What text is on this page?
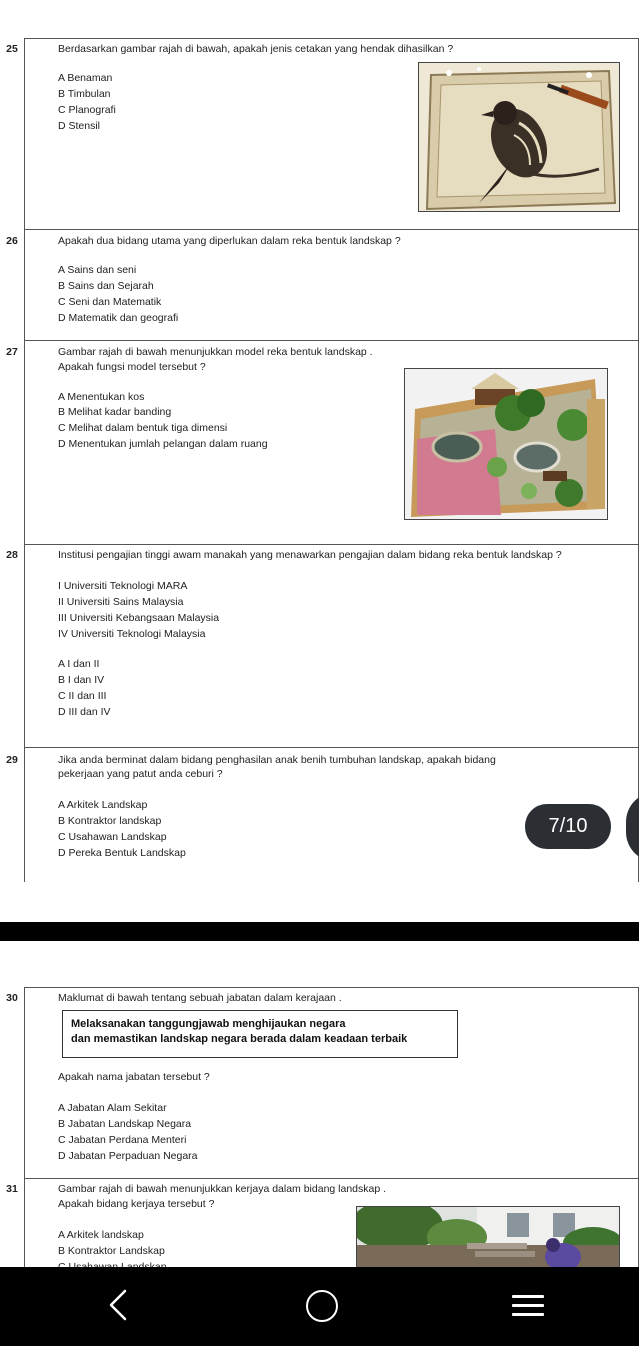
25	Berdasarkan gambar rajah di bawah, apakah jenis cetakan yang hendak dihasilkan ?
A Benaman
B Timbulan
C Planografi
D Stensil
26	Apakah dua bidang utama yang diperlukan dalam reka bentuk landskap ?
A Sains dan seni
B Sains dan Sejarah
C Seni dan Matematik
D Matematik dan geografi
27	Gambar rajah di bawah menunjukkan model reka bentuk landskap .
Apakah fungsi model tersebut ?
A Menentukan kos
B Melihat kadar banding
C Melihat dalam bentuk tiga dimensi
D Menentukan jumlah pelangan dalam ruang
28	Institusi pengajian tinggi awam manakah yang menawarkan pengajian dalam bidang reka bentuk landskap ?
I Universiti Teknologi MARA
II Universiti Sains Malaysia
III Universiti Kebangsaan Malaysia
IV Universiti Teknologi Malaysia
A I dan II
B I dan IV
C II dan III
D III dan IV
29	Jika anda berminat dalam bidang penghasilan anak benih tumbuhan landskap, apakah bidang
pekerjaan yang patut anda ceburi ?
A Arkitek Landskap
B Kontraktor landskap
C Usahawan Landskap
D Pereka Bentuk Landskap
7/10
30	Maklumat di bawah tentang sebuah jabatan dalam kerajaan .
Melaksanakan tanggungjawab menghijaukan negara
dan memastikan landskap negara berada dalam keadaan terbaik
Apakah nama jabatan tersebut ?
A Jabatan Alam Sekitar
B Jabatan Landskap Negara
C Jabatan Perdana Menteri
D Jabatan Perpaduan Negara
31	Gambar rajah di bawah menunjukkan kerjaya dalam bidang landskap .
Apakah bidang kerjaya tersebut ?
A Arkitek landskap
B Kontraktor Landskap
